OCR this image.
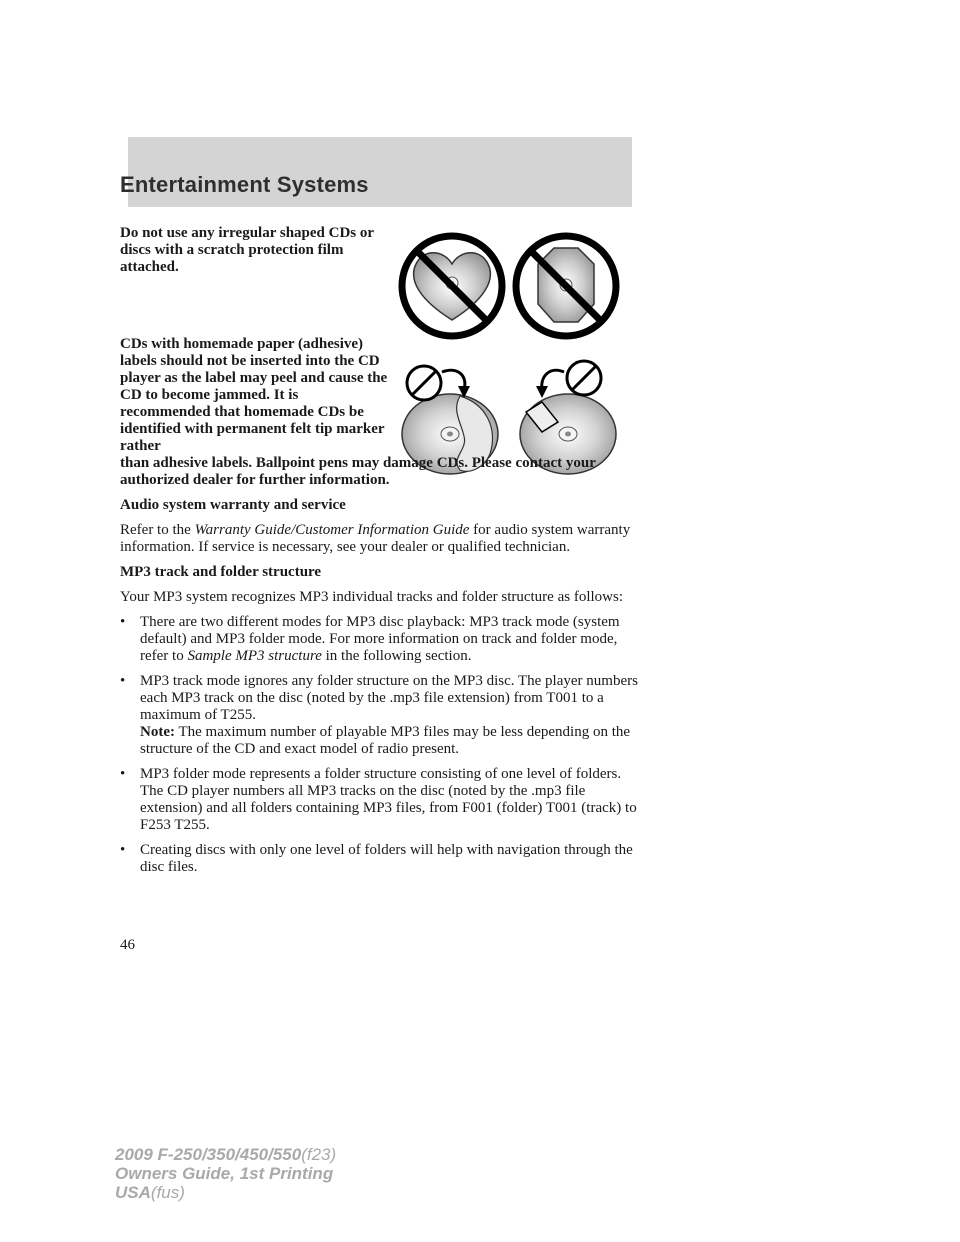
Entertainment Systems

Do not use any irregular shaped CDs or discs with a scratch protection film attached.

CDs with homemade paper (adhesive) labels should not be inserted into the CD player as the label may peel and cause the CD to become jammed. It is recommended that homemade CDs be identified with permanent felt tip marker rather
than adhesive labels. Ballpoint pens may damage CDs. Please contact your authorized dealer for further information.

Audio system warranty and service

Refer to the Warranty Guide/Customer Information Guide for audio system warranty information. If service is necessary, see your dealer or qualified technician.

MP3 track and folder structure

Your MP3 system recognizes MP3 individual tracks and folder structure as follows:

• There are two different modes for MP3 disc playback: MP3 track mode (system default) and MP3 folder mode. For more information on track and folder mode, refer to Sample MP3 structure in the following section.
• MP3 track mode ignores any folder structure on the MP3 disc. The player numbers each MP3 track on the disc (noted by the .mp3 file extension) from T001 to a maximum of T255.
Note: The maximum number of playable MP3 files may be less depending on the structure of the CD and exact model of radio present.
• MP3 folder mode represents a folder structure consisting of one level of folders. The CD player numbers all MP3 tracks on the disc (noted by the .mp3 file extension) and all folders containing MP3 files, from F001 (folder) T001 (track) to F253 T255.
• Creating discs with only one level of folders will help with navigation through the disc files.
46
2009 F-250/350/450/550(f23)
Owners Guide, 1st Printing
USA(fus)
